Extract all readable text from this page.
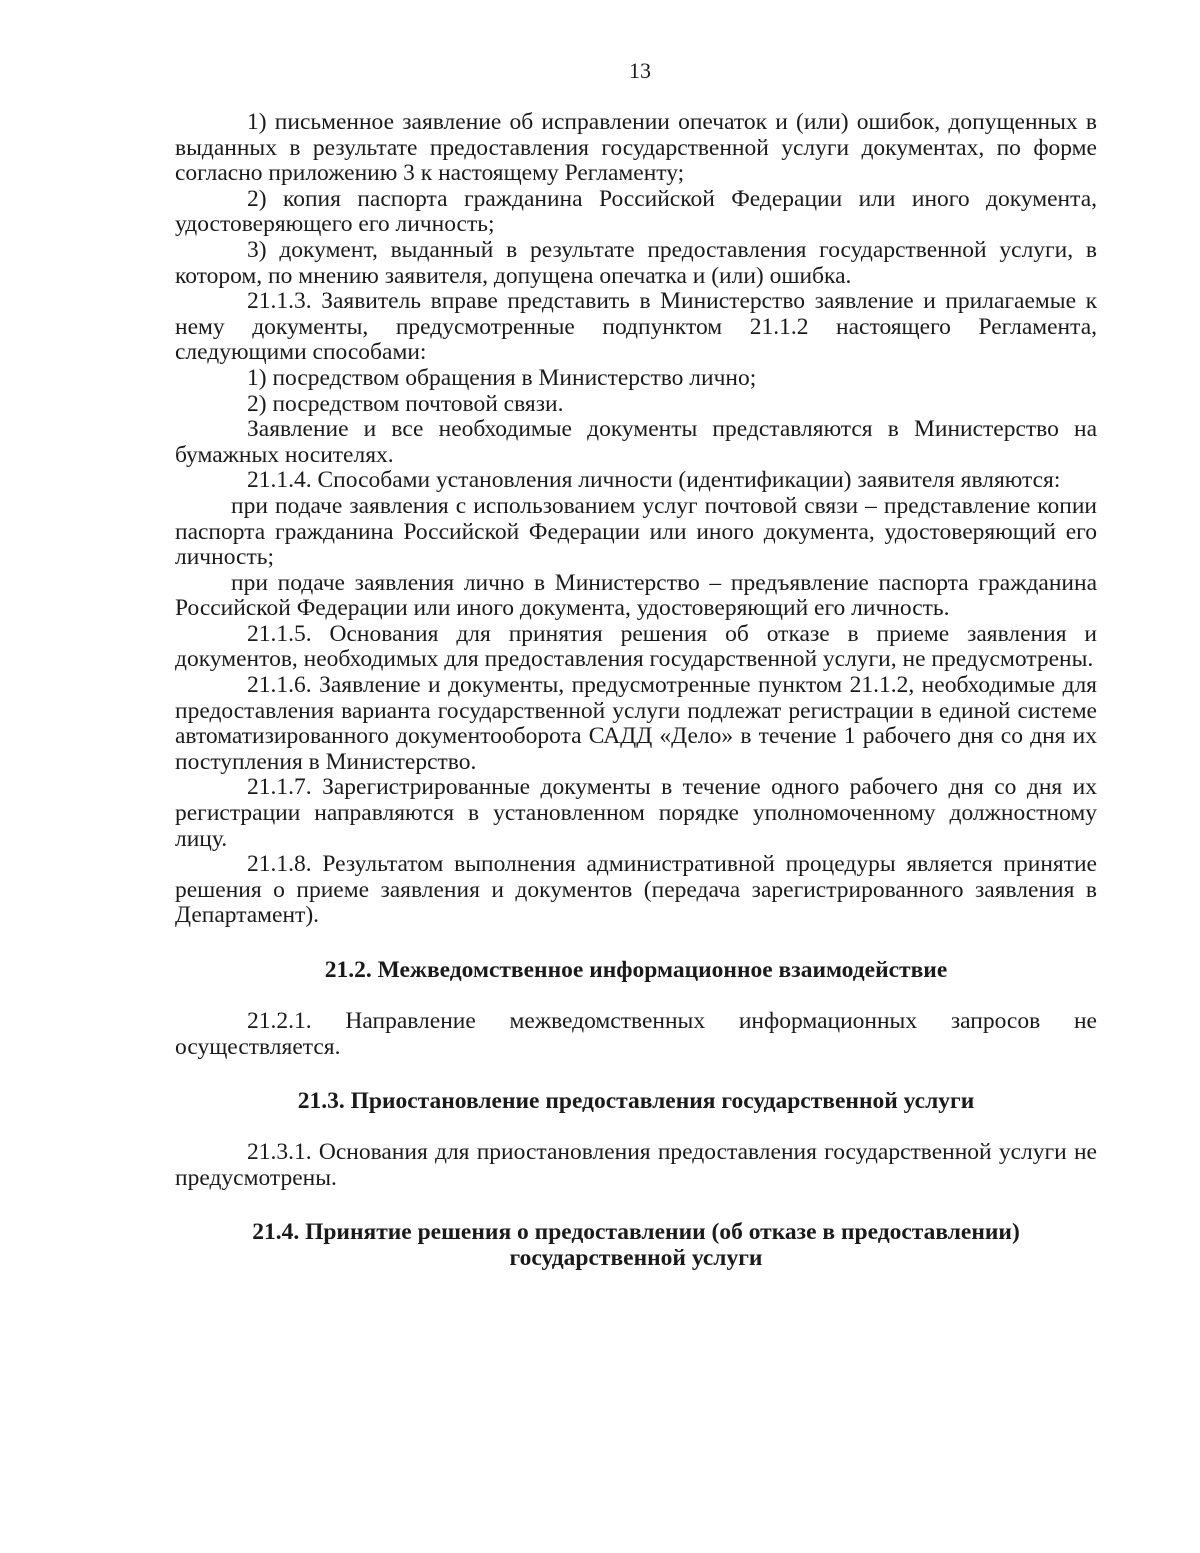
13

1) письменное заявление об исправлении опечаток и (или) ошибок, допущенных в выданных в результате предоставления государственной услуги документах, по форме согласно приложению 3 к настоящему Регламенту;

2) копия паспорта гражданина Российской Федерации или иного документа, удостоверяющего его личность;

3) документ, выданный в результате предоставления государственной услуги, в котором, по мнению заявителя, допущена опечатка и (или) ошибка.

21.1.3. Заявитель вправе представить в Министерство заявление и прилагаемые к нему документы, предусмотренные подпунктом 21.1.2 настоящего Регламента, следующими способами:

1) посредством обращения в Министерство лично;

2) посредством почтовой связи.

Заявление и все необходимые документы представляются в Министерство на бумажных носителях.

21.1.4. Способами установления личности (идентификации) заявителя являются:

при подаче заявления с использованием услуг почтовой связи – представление копии паспорта гражданина Российской Федерации или иного документа, удостоверяющий его личность;

при подаче заявления лично в Министерство – предъявление паспорта гражданина Российской Федерации или иного документа, удостоверяющий его личность.

21.1.5. Основания для принятия решения об отказе в приеме заявления и документов, необходимых для предоставления государственной услуги, не предусмотрены.

21.1.6. Заявление и документы, предусмотренные пунктом 21.1.2, необходимые для предоставления варианта государственной услуги подлежат регистрации в единой системе автоматизированного документооборота САДД «Дело» в течение 1 рабочего дня со дня их поступления в Министерство.

21.1.7. Зарегистрированные документы в течение одного рабочего дня со дня их регистрации направляются в установленном порядке уполномоченному должностному лицу.

21.1.8. Результатом выполнения административной процедуры является принятие решения о приеме заявления и документов (передача зарегистрированного заявления в Департамент).

21.2. Межведомственное информационное взаимодействие

21.2.1. Направление межведомственных информационных запросов не осуществляется.

21.3. Приостановление предоставления государственной услуги

21.3.1. Основания для приостановления предоставления государственной услуги не предусмотрены.

21.4. Принятие решения о предоставлении (об отказе в предоставлении)

государственной услуги
